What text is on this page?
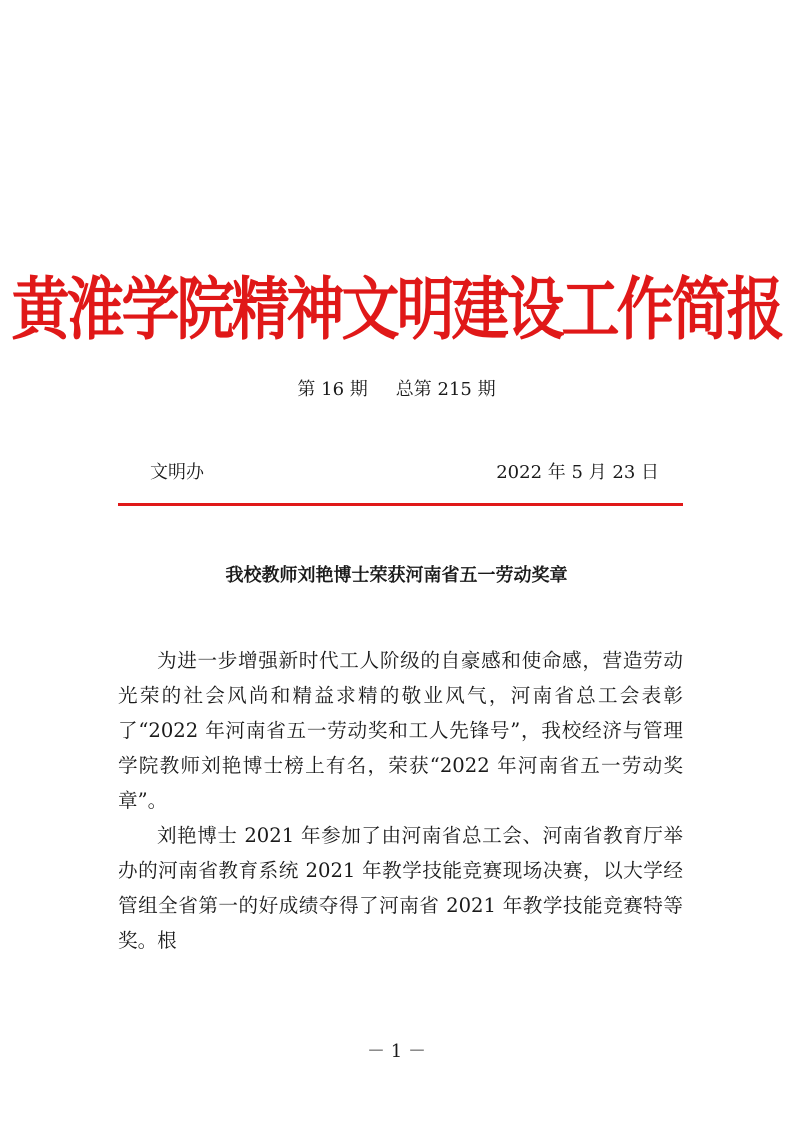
黄淮学院精神文明建设工作简报
第 16 期 总第 215 期
文明办	2022 年 5 月 23 日
我校教师刘艳博士荣获河南省五一劳动奖章

为进一步增强新时代工人阶级的自豪感和使命感，营造劳动光荣的社会风尚和精益求精的敬业风气，河南省总工会表彰了“2022 年河南省五一劳动奖和工人先锋号”，我校经济与管理学院教师刘艳博士榜上有名，荣获“2022 年河南省五一劳动奖章”。

刘艳博士 2021 年参加了由河南省总工会、河南省教育厅举办的河南省教育系统 2021 年教学技能竞赛现场决赛，以大学经管组全省第一的好成绩夺得了河南省 2021 年教学技能竞赛特等奖。根

－ 1 －
